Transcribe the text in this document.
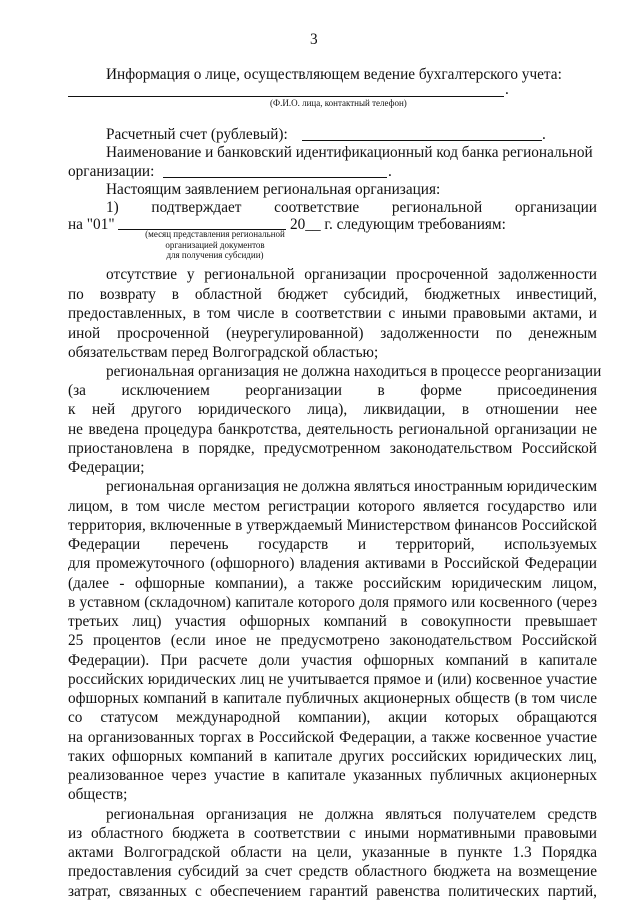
3
Информация о лице, осуществляющем ведение бухгалтерского учета:
.
(Ф.И.О. лица, контактный телефон)
Расчетный счет (рублевый):	.
Наименование и банковский идентификационный код банка региональной
организации:	.
Настоящим заявлением региональная организация:
1) подтверждает соответствие региональной организации
на "01"	20__ г. следующим требованиям:
(месяц представления региональной
организацией документов
для получения субсидии)
отсутствие у региональной организации просроченной задолженности
по возврату в областной бюджет субсидий, бюджетных инвестиций,
предоставленных, в том числе в соответствии с иными правовыми актами, и
иной просроченной (неурегулированной) задолженности по денежным
обязательствам перед Волгоградской областью;
региональная организация не должна находиться в процессе реорганизации
(за исключением реорганизации в форме присоединения
к ней другого юридического лица), ликвидации, в отношении нее
не введена процедура банкротства, деятельность региональной организации не
приостановлена в порядке, предусмотренном законодательством Российской
Федерации;
региональная организация не должна являться иностранным юридическим
лицом, в том числе местом регистрации которого является государство или
территория, включенные в утверждаемый Министерством финансов Российской
Федерации перечень государств и территорий, используемых
для промежуточного (офшорного) владения активами в Российской Федерации
(далее - офшорные компании), а также российским юридическим лицом,
в уставном (складочном) капитале которого доля прямого или косвенного (через
третьих лиц) участия офшорных компаний в совокупности превышает
25 процентов (если иное не предусмотрено законодательством Российской
Федерации). При расчете доли участия офшорных компаний в капитале
российских юридических лиц не учитывается прямое и (или) косвенное участие
офшорных компаний в капитале публичных акционерных обществ (в том числе
со статусом международной компании), акции которых обращаются
на организованных торгах в Российской Федерации, а также косвенное участие
таких офшорных компаний в капитале других российских юридических лиц,
реализованное через участие в капитале указанных публичных акционерных
обществ;
региональная организация не должна являться получателем средств
из областного бюджета в соответствии с иными нормативными правовыми
актами Волгоградской области на цели, указанные в пункте 1.3 Порядка
предоставления субсидий за счет средств областного бюджета на возмещение
затрат, связанных с обеспечением гарантий равенства политических партий,
